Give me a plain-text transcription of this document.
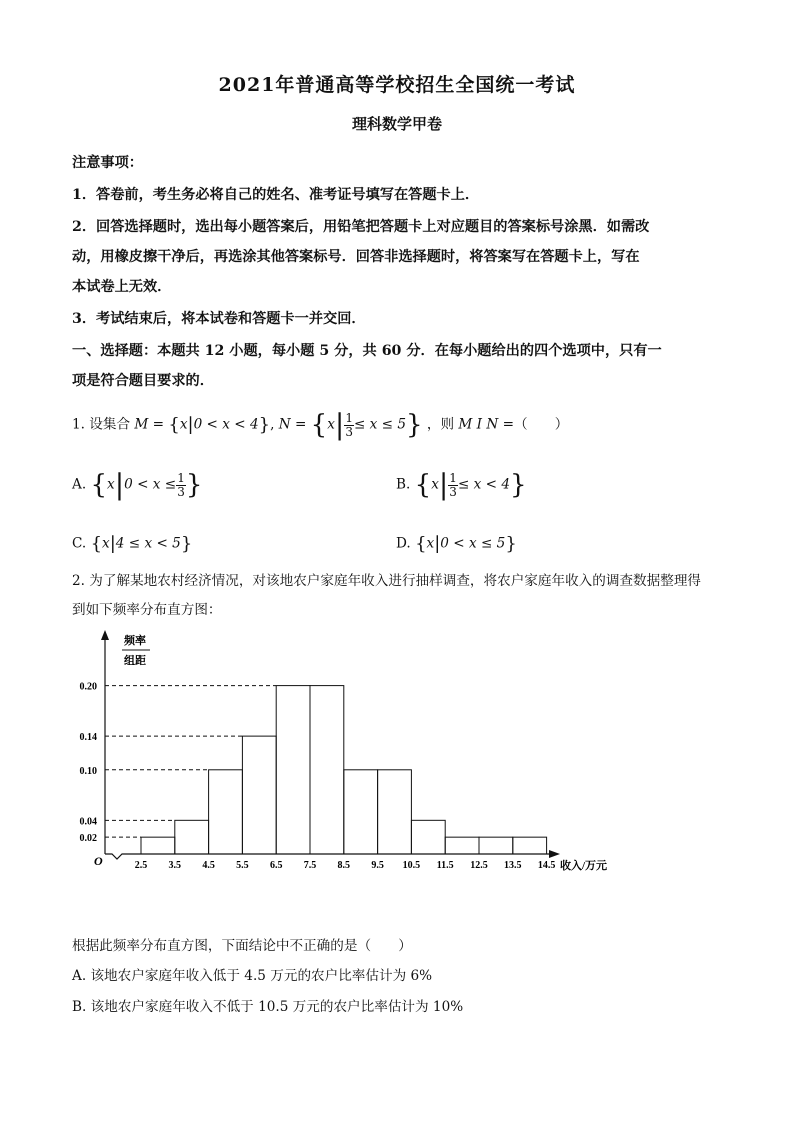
2021年普通高等学校招生全国统一考试
理科数学甲卷
注意事项：
1．答卷前，考生务必将自己的姓名、准考证号填写在答题卡上．
2．回答选择题时，选出每小题答案后，用铅笔把答题卡上对应题目的答案标号涂黑．如需改
动，用橡皮擦干净后，再选涂其他答案标号．回答非选择题时，将答案写在答题卡上，写在
本试卷上无效．
3．考试结束后，将本试卷和答题卡一并交回．
一、选择题：本题共 12 小题，每小题 5 分，共 60 分．在每小题给出的四个选项中，只有一
项是符合题目要求的．
1. 设集合 M = {x|0 < x < 4}, $N = \{x| \frac{1}{3} \le x \le 5\}$ ，则 M I N =（　　）
A. {$x|0 < x \le \frac{1}{3}$ }	B. $\{x| \frac{1}{3} \le x < 4\}$
C. {x|4 ≤ x < 5}	D. {x|0 < x ≤ 5}
2. 为了解某地农村经济情况，对该地农户家庭年收入进行抽样调查，将农户家庭年收入的调查数据整理得
到如下频率分布直方图：
0.02
0.04
0.10
0.14
0.20
2.5 3.5 4.5 5.5 6.5 7.5 8.5 9.5 10.5 11.5 12.5 13.5 14.5
频率
组距
O	收入/万元
根据此频率分布直方图，下面结论中不正确的是（　　）
A. 该地农户家庭年收入低于 4.5 万元的农户比率估计为 6%
B. 该地农户家庭年收入不低于 10.5 万元的农户比率估计为 10%
